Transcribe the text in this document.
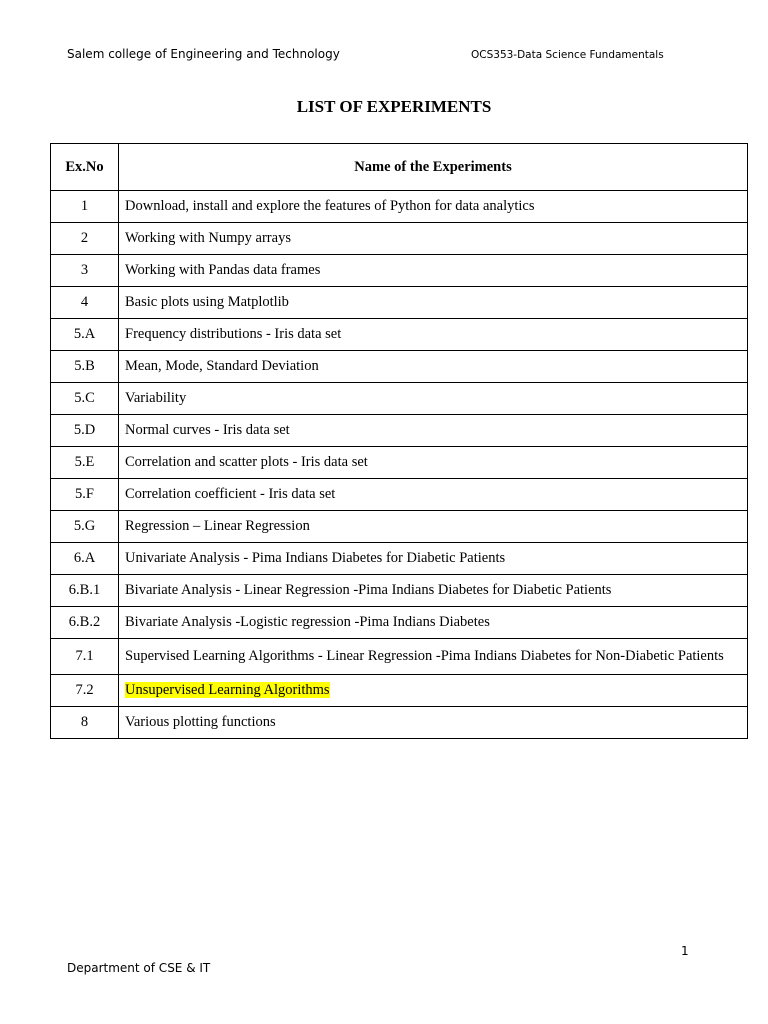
Salem college of Engineering and Technology	OCS353-Data Science Fundamentals
LIST OF EXPERIMENTS
Ex.No	Name of the Experiments
1	Download, install and explore the features of Python for data analytics
2	Working with Numpy arrays
3	Working with Pandas data frames
4	Basic plots using Matplotlib
5.A	Frequency distributions - Iris data set
5.B	Mean, Mode, Standard Deviation
5.C	Variability
5.D	Normal curves - Iris data set
5.E	Correlation and scatter plots - Iris data set
5.F	Correlation coefficient - Iris data set
5.G	Regression – Linear Regression
6.A	Univariate Analysis - Pima Indians Diabetes for Diabetic Patients
6.B.1	Bivariate Analysis - Linear Regression -Pima Indians Diabetes for Diabetic Patients
6.B.2	Bivariate Analysis -Logistic regression -Pima Indians Diabetes
7.1	Supervised Learning Algorithms - Linear Regression -Pima Indians Diabetes for Non-Diabetic Patients
7.2	Unsupervised Learning Algorithms
8	Various plotting functions
1
Department of CSE & IT
